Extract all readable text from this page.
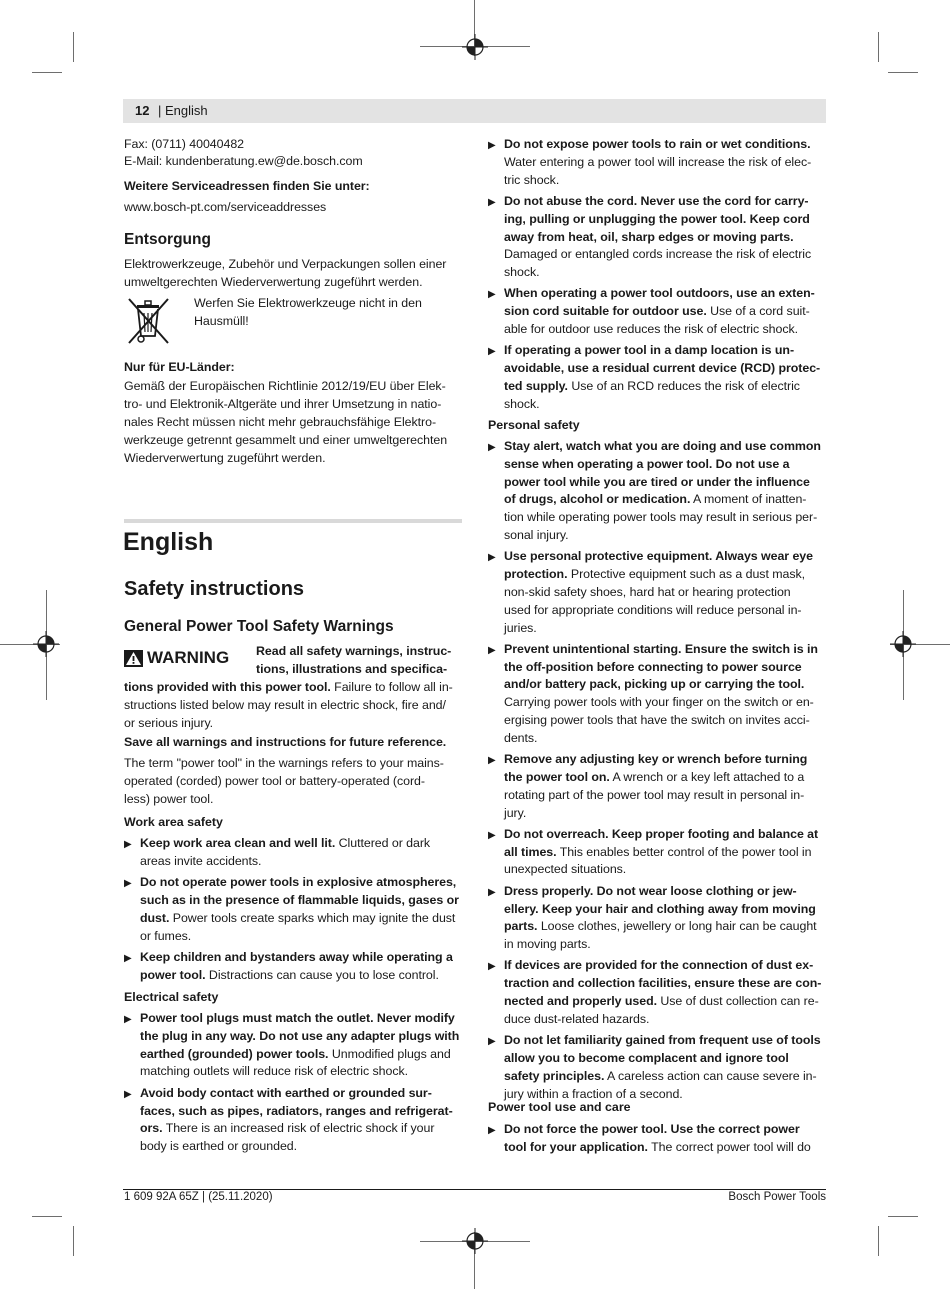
12 | English
Fax: (0711) 40040482
E-Mail: kundenberatung.ew@de.bosch.com
Weitere Serviceadressen finden Sie unter:
www.bosch-pt.com/serviceaddresses
Entsorgung
Elektrowerkzeuge, Zubehör und Verpackungen sollen einer
umweltgerechten Wiederverwertung zugeführt werden.
Werfen Sie Elektrowerkzeuge nicht in den
Hausmüll!
Nur für EU-Länder:
Gemäß der Europäischen Richtlinie 2012/19/EU über Elek-
tro- und Elektronik-Altgeräte und ihrer Umsetzung in natio-
nales Recht müssen nicht mehr gebrauchsfähige Elektro-
werkzeuge getrennt gesammelt und einer umweltgerechten
Wiederverwertung zugeführt werden.
English
Safety instructions
General Power Tool Safety Warnings
WARNING Read all safety warnings, instruc-
tions, illustrations and specifica-
tions provided with this power tool. Failure to follow all in-
structions listed below may result in electric shock, fire and/
or serious injury.
Save all warnings and instructions for future reference.
The term "power tool" in the warnings refers to your mains-
operated (corded) power tool or battery-operated (cord-
less) power tool.
Work area safety
▶ Keep work area clean and well lit. Cluttered or dark
areas invite accidents.
▶ Do not operate power tools in explosive atmospheres,
such as in the presence of flammable liquids, gases or
dust. Power tools create sparks which may ignite the dust
or fumes.
▶ Keep children and bystanders away while operating a
power tool. Distractions can cause you to lose control.
Electrical safety
▶ Power tool plugs must match the outlet. Never modify
the plug in any way. Do not use any adapter plugs with
earthed (grounded) power tools. Unmodified plugs and
matching outlets will reduce risk of electric shock.
▶ Avoid body contact with earthed or grounded sur-
faces, such as pipes, radiators, ranges and refrigerat-
ors. There is an increased risk of electric shock if your
body is earthed or grounded.
▶ Do not expose power tools to rain or wet conditions.
Water entering a power tool will increase the risk of elec-
tric shock.
▶ Do not abuse the cord. Never use the cord for carry-
ing, pulling or unplugging the power tool. Keep cord
away from heat, oil, sharp edges or moving parts.
Damaged or entangled cords increase the risk of electric
shock.
▶ When operating a power tool outdoors, use an exten-
sion cord suitable for outdoor use. Use of a cord suit-
able for outdoor use reduces the risk of electric shock.
▶ If operating a power tool in a damp location is un-
avoidable, use a residual current device (RCD) protec-
ted supply. Use of an RCD reduces the risk of electric
shock.
Personal safety
▶ Stay alert, watch what you are doing and use common
sense when operating a power tool. Do not use a
power tool while you are tired or under the influence
of drugs, alcohol or medication. A moment of inatten-
tion while operating power tools may result in serious per-
sonal injury.
▶ Use personal protective equipment. Always wear eye
protection. Protective equipment such as a dust mask,
non-skid safety shoes, hard hat or hearing protection
used for appropriate conditions will reduce personal in-
juries.
▶ Prevent unintentional starting. Ensure the switch is in
the off-position before connecting to power source
and/or battery pack, picking up or carrying the tool.
Carrying power tools with your finger on the switch or en-
ergising power tools that have the switch on invites acci-
dents.
▶ Remove any adjusting key or wrench before turning
the power tool on. A wrench or a key left attached to a
rotating part of the power tool may result in personal in-
jury.
▶ Do not overreach. Keep proper footing and balance at
all times. This enables better control of the power tool in
unexpected situations.
▶ Dress properly. Do not wear loose clothing or jew-
ellery. Keep your hair and clothing away from moving
parts. Loose clothes, jewellery or long hair can be caught
in moving parts.
▶ If devices are provided for the connection of dust ex-
traction and collection facilities, ensure these are con-
nected and properly used. Use of dust collection can re-
duce dust-related hazards.
▶ Do not let familiarity gained from frequent use of tools
allow you to become complacent and ignore tool
safety principles. A careless action can cause severe in-
jury within a fraction of a second.
Power tool use and care
▶ Do not force the power tool. Use the correct power
tool for your application. The correct power tool will do
1 609 92A 65Z | (25.11.2020)	Bosch Power Tools
